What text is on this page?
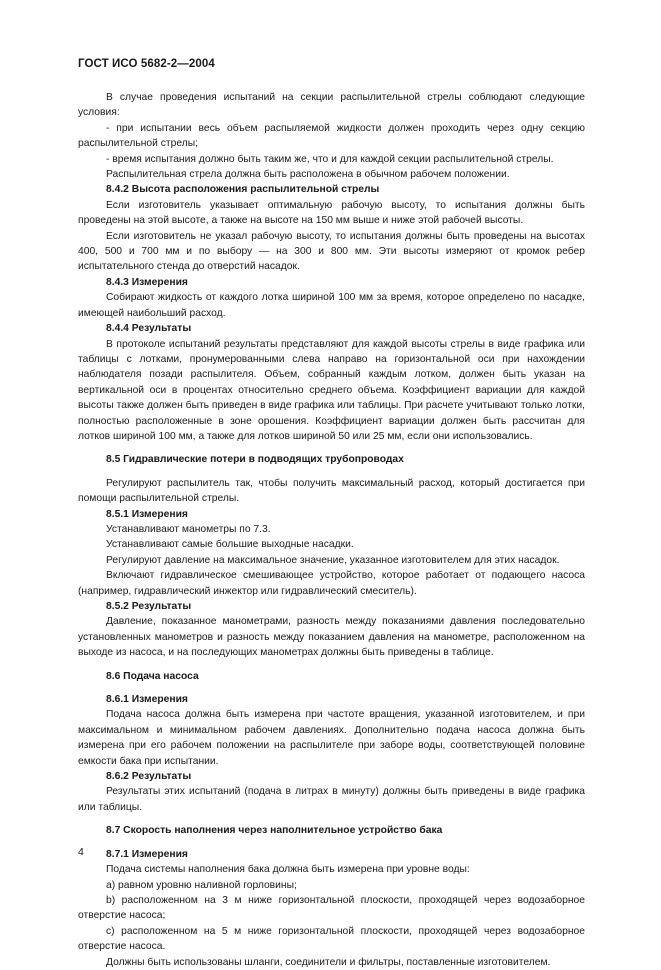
ГОСТ ИСО 5682-2—2004

В случае проведения испытаний на секции распылительной стрелы соблюдают следующие условия:

- при испытании весь объем распыляемой жидкости должен проходить через одну секцию распылительной стрелы;

- время испытания должно быть таким же, что и для каждой секции распылительной стрелы.

Распылительная стрела должна быть расположена в обычном рабочем положении.

8.4.2 Высота расположения распылительной стрелы

Если изготовитель указывает оптимальную рабочую высоту, то испытания должны быть проведены на этой высоте, а также на высоте на 150 мм выше и ниже этой рабочей высоты.

Если изготовитель не указал рабочую высоту, то испытания должны быть проведены на высотах 400, 500 и 700 мм и по выбору — на 300 и 800 мм. Эти высоты измеряют от кромок ребер испытательного стенда до отверстий насадок.

8.4.3 Измерения

Собирают жидкость от каждого лотка шириной 100 мм за время, которое определено по насадке, имеющей наибольший расход.

8.4.4 Результаты

В протоколе испытаний результаты представляют для каждой высоты стрелы в виде графика или таблицы с лотками, пронумерованными слева направо на горизонтальной оси при нахождении наблюдателя позади распылителя. Объем, собранный каждым лотком, должен быть указан на вертикальной оси в процентах относительно среднего объема. Коэффициент вариации для каждой высоты также должен быть приведен в виде графика или таблицы. При расчете учитывают только лотки, полностью расположенные в зоне орошения. Коэффициент вариации должен быть рассчитан для лотков шириной 100 мм, а также для лотков шириной 50 или 25 мм, если они использовались.

8.5 Гидравлические потери в подводящих трубопроводах

Регулируют распылитель так, чтобы получить максимальный расход, который достигается при помощи распылительной стрелы.

8.5.1 Измерения

Устанавливают манометры по 7.3.

Устанавливают самые большие выходные насадки.

Регулируют давление на максимальное значение, указанное изготовителем для этих насадок.

Включают гидравлическое смешивающее устройство, которое работает от подающего насоса (например, гидравлический инжектор или гидравлический смеситель).

8.5.2 Результаты

Давление, показанное манометрами, разность между показаниями давления последовательно установленных манометров и разность между показанием давления на манометре, расположенном на выходе из насоса, и на последующих манометрах должны быть приведены в таблице.

8.6 Подача насоса

8.6.1 Измерения

Подача насоса должна быть измерена при частоте вращения, указанной изготовителем, и при максимальном и минимальном рабочем давлениях. Дополнительно подача насоса должна быть измерена при его рабочем положении на распылителе при заборе воды, соответствующей половине емкости бака при испытании.

8.6.2 Результаты

Результаты этих испытаний (подача в литрах в минуту) должны быть приведены в виде графика или таблицы.

8.7 Скорость наполнения через наполнительное устройство бака

8.7.1 Измерения

Подача системы наполнения бака должна быть измерена при уровне воды:

а) равном уровню наливной горловины;

b) расположенном на 3 м ниже горизонтальной плоскости, проходящей через водозаборное отверстие насоса;

c) расположенном на 5 м ниже горизонтальной плоскости, проходящей через водозаборное отверстие насоса.

Должны быть использованы шланги, соединители и фильтры, поставленные изготовителем.

4
